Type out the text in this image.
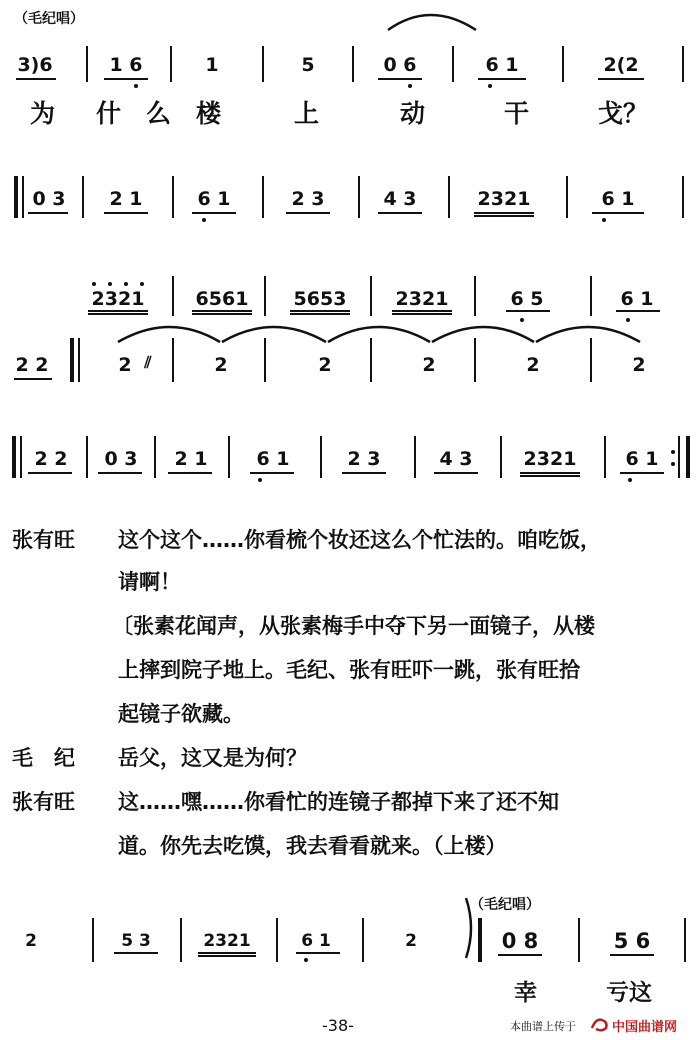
（毛纪唱）
3)6	1 6	1	5	0 6	6 1	2(2
为 什 么 楼	上	动	干	戈？
0 3	2 1	6 1	2 3	4 3	2321	6 1
2321	6561 5653	2321	6 5	6 1
2 2	2 ⫽	2	2	2	2	2
2 2	0 3	2 1	6 1	2 3	4 3	2321	6 1
张有旺	这个这个……你看梳个妆还这么个忙法的。咱吃饭，
请啊！
〔张素花闻声，从张素梅手中夺下另一面镜子，从楼
上摔到院子地上。毛纪、张有旺吓一跳，张有旺拾
起镜子欲藏。
毛　纪	岳父，这又是为何？
张有旺	这……嘿……你看忙的连镜子都掉下来了还不知
道。你先去吃馍，我去看看就来。（上楼）
（毛纪唱）
2	5 3	2321	6 1	2	0 8	5 6
幸	亏这
-38-	本曲谱上传于	中国曲谱网
